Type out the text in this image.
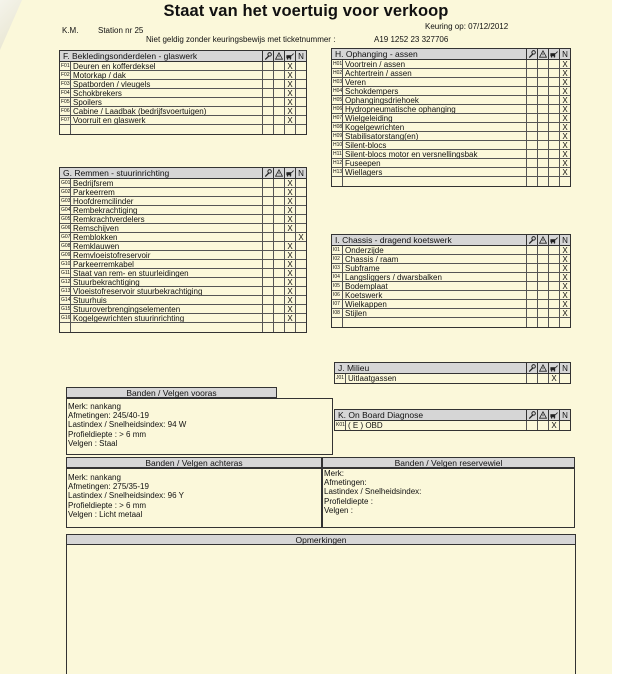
Staat van het voertuig voor verkoop
K.M. Station nr 25	Keuring op: 07/12/2012
Niet geldig zonder keuringsbewijs met ticketnummer :	A19 1252 23 327706
F. Bekledingsonderdelen - glaswerk	N
F01 Deuren en kofferdeksel	X
F02 Motorkap / dak	X
F03 Spatborden / vleugels	X
F04 Schokbrekers	X
F05 Spoilers	X
F06 Cabine / Laadbak (bedrijfsvoertuigen)	X
F07 Voorruit en glaswerk	X
G. Remmen - stuurinrichting	N
G01 Bedrijfsrem	X
G02 Parkeerrem	X
G03 Hoofdremcilinder	X
G04 Rembekrachtiging	X
G05 Remkrachtverdelers	X
G06 Remschijven	X
G07 Remblokken	X
G08 Remklauwen	X
G09 Remvloeistofreservoir	X
G10 Parkeerremkabel	X
G11 Staat van rem- en stuurleidingen	X
G12 Stuurbekrachtiging	X
G13 Vloeistofreservoir stuurbekrachtiging	X
G14 Stuurhuis	X
G15 Stuuroverbrengingselementen	X
G16 Kogelgewrichten stuurinrichting	X
H. Ophanging - assen	N
H01 Voortrein / assen	X
H02 Achtertrein / assen	X
H03 Veren	X
H04 Schokdempers	X
H05 Ophangingsdriehoek	X
H06 Hydropneumatische ophanging	X
H07 Wielgeleiding	X
H08 Kogelgewrichten	X
H09 Stabilisatorstang(en)	X
H10 Silent-blocs	X
H11 Silent-blocs motor en versnellingsbak	X
H12 Fuseepen	X
H13 Wiellagers	X
I. Chassis - dragend koetswerk	N
I01 Onderzijde	X
I02 Chassis / raam	X
I03 Subframe	X
I04 Langsliggers / dwarsbalken	X
I05 Bodemplaat	X
I06 Koetswerk	X
I07 Wielkappen	X
I08 Stijlen	X
J. Milieu	N
J01 Uitlaatgassen	X
K. On Board Diagnose	N
K01 ( E ) OBD	X
Banden / Velgen vooras
Merk: nankang
Afmetingen: 245/40-19
Lastindex / Snelheidsindex: 94 W
Profieldiepte : > 6 mm
Velgen : Staal
Banden / Velgen achteras
Merk: nankang
Afmetingen: 275/35-19
Lastindex / Snelheidsindex: 96 Y
Profieldiepte : > 6 mm
Velgen : Licht metaal
Banden / Velgen reservewiel
Merk:
Afmetingen:
Lastindex / Snelheidsindex:
Profieldiepte :
Velgen :
Opmerkingen
